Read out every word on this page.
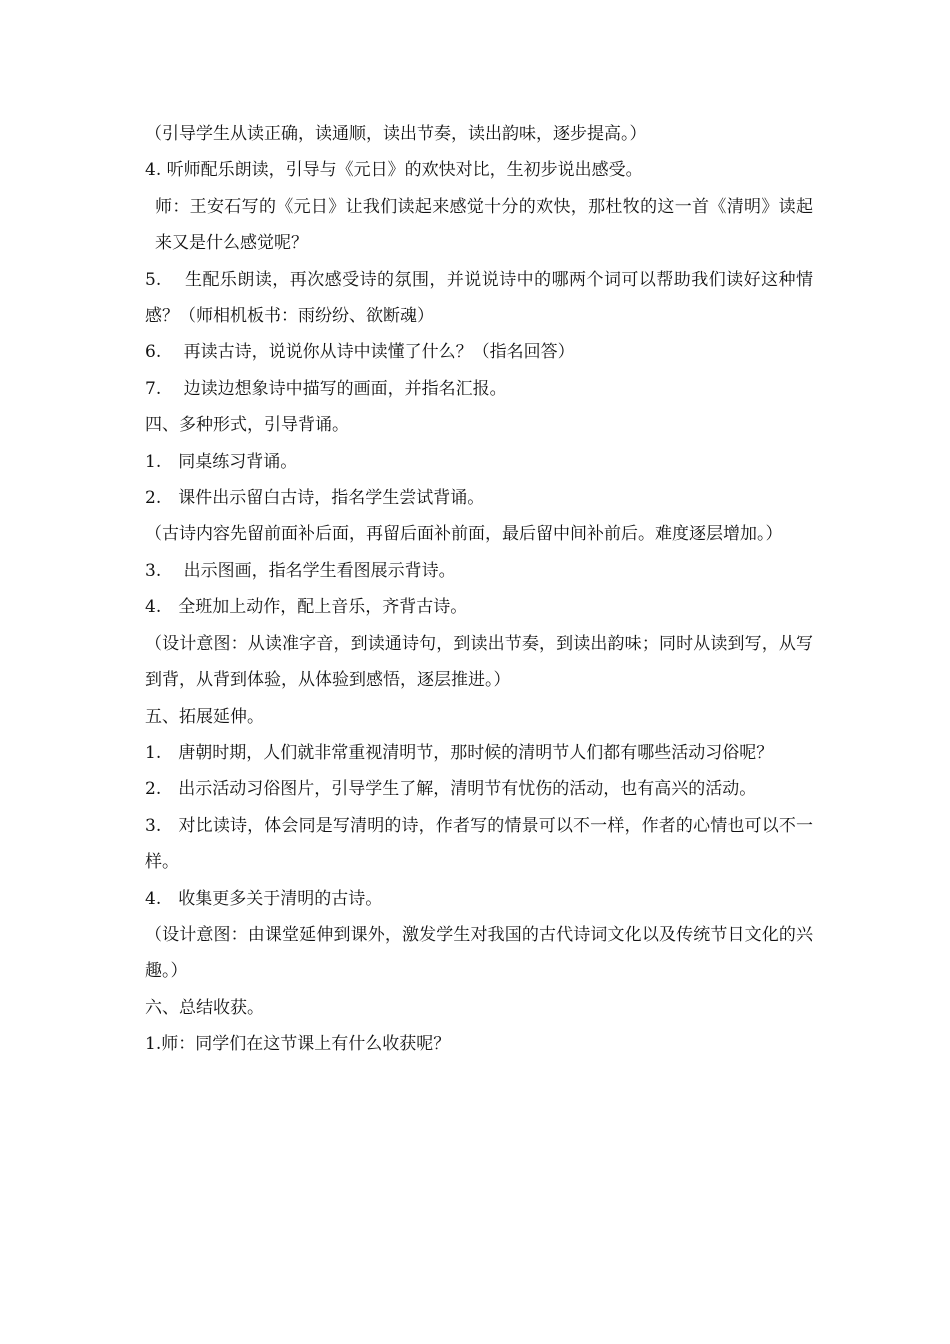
（引导学生从读正确，读通顺，读出节奏，读出韵味，逐步提高。）

4. 听师配乐朗读，引导与《元日》的欢快对比，生初步说出感受。

师：王安石写的《元日》让我们读起来感觉十分的欢快，那杜牧的这一首《清明》读起来又是什么感觉呢？

5.　 生配乐朗读，再次感受诗的氛围，并说说诗中的哪两个词可以帮助我们读好这种情感？（师相机板书：雨纷纷、欲断魂）

6.　 再读古诗，说说你从诗中读懂了什么？（指名回答）

7.　 边读边想象诗中描写的画面，并指名汇报。

四、多种形式，引导背诵。

1.　同桌练习背诵。

2.　课件出示留白古诗，指名学生尝试背诵。

（古诗内容先留前面补后面，再留后面补前面，最后留中间补前后。难度逐层增加。）

3.　 出示图画，指名学生看图展示背诗。

4.　全班加上动作，配上音乐，齐背古诗。

（设计意图：从读准字音，到读通诗句，到读出节奏，到读出韵味；同时从读到写，从写到背，从背到体验，从体验到感悟，逐层推进。）

五、拓展延伸。

1.　唐朝时期，人们就非常重视清明节，那时候的清明节人们都有哪些活动习俗呢？

2.　出示活动习俗图片，引导学生了解，清明节有忧伤的活动，也有高兴的活动。

3.　对比读诗，体会同是写清明的诗，作者写的情景可以不一样，作者的心情也可以不一样。

4.　收集更多关于清明的古诗。

（设计意图：由课堂延伸到课外，激发学生对我国的古代诗词文化以及传统节日文化的兴趣。）

六、总结收获。

1.师：同学们在这节课上有什么收获呢？
